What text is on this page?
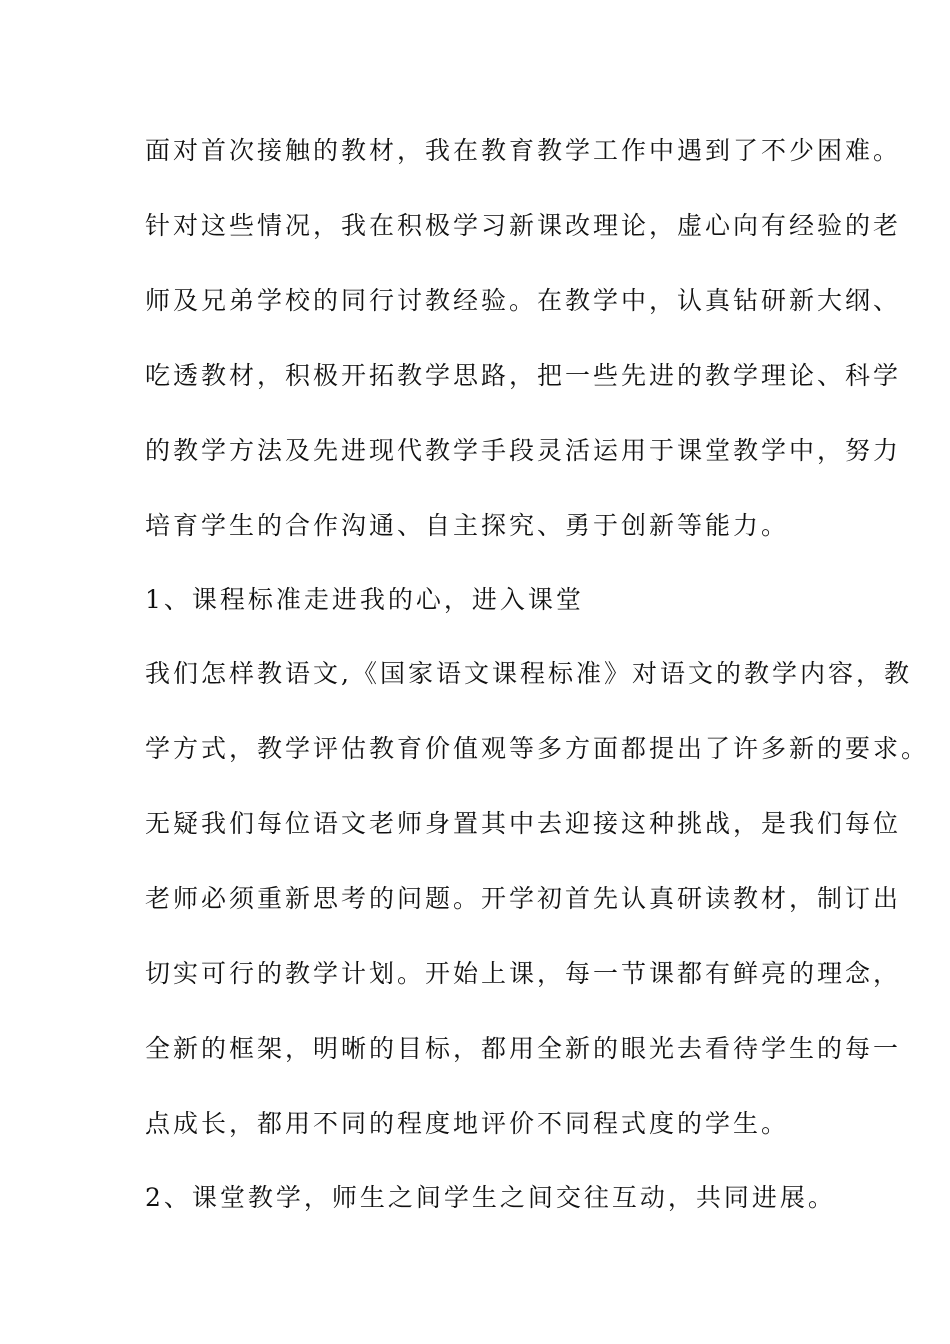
面对首次接触的教材，我在教育教学工作中遇到了不少困难。
针对这些情况，我在积极学习新课改理论，虚心向有经验的老
师及兄弟学校的同行讨教经验。在教学中，认真钻研新大纲、
吃透教材，积极开拓教学思路，把一些先进的教学理论、科学
的教学方法及先进现代教学手段灵活运用于课堂教学中，努力
培育学生的合作沟通、自主探究、勇于创新等能力。
1、课程标准走进我的心，进入课堂
我们怎样教语文,《国家语文课程标准》对语文的教学内容，教
学方式，教学评估教育价值观等多方面都提出了许多新的要求。
无疑我们每位语文老师身置其中去迎接这种挑战，是我们每位
老师必须重新思考的问题。开学初首先认真研读教材，制订出
切实可行的教学计划。开始上课，每一节课都有鲜亮的理念，
全新的框架，明晰的目标，都用全新的眼光去看待学生的每一
点成长，都用不同的程度地评价不同程式度的学生。
2、课堂教学，师生之间学生之间交往互动，共同进展。
